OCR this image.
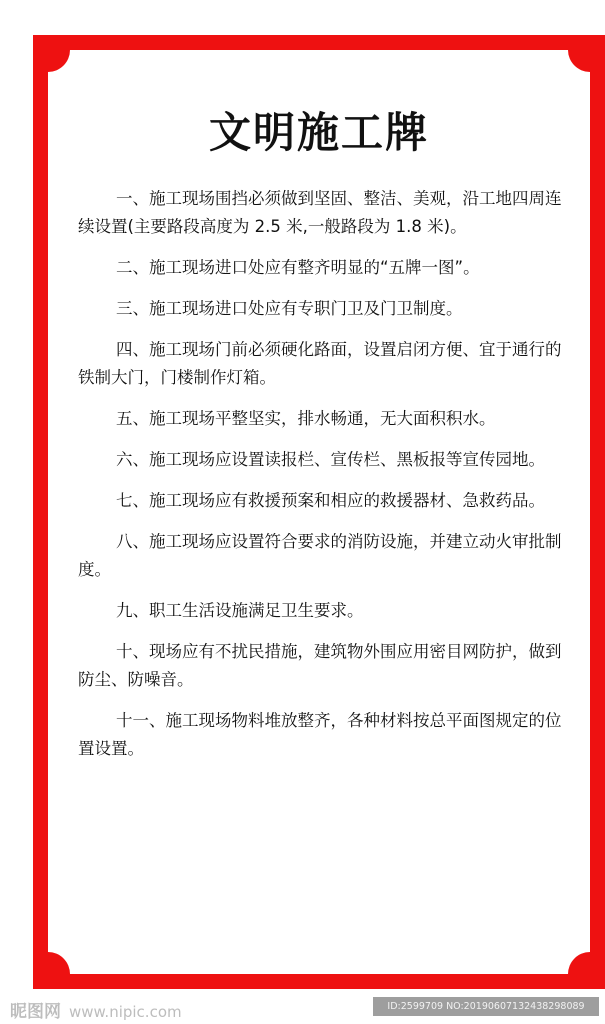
文明施工牌

一、施工现场围挡必须做到坚固、整洁、美观，沿工地四周连续设置(主要路段高度为 2.5 米,一般路段为 1.8 米)。

二、施工现场进口处应有整齐明显的“五牌一图”。

三、施工现场进口处应有专职门卫及门卫制度。

四、施工现场门前必须硬化路面，设置启闭方便、宜于通行的铁制大门，门楼制作灯箱。

五、施工现场平整坚实，排水畅通，无大面积积水。

六、施工现场应设置读报栏、宣传栏、黑板报等宣传园地。

七、施工现场应有救援预案和相应的救援器材、急救药品。

八、施工现场应设置符合要求的消防设施，并建立动火审批制度。

九、职工生活设施满足卫生要求。

十、现场应有不扰民措施，建筑物外围应用密目网防护，做到防尘、防噪音。

十一、施工现场物料堆放整齐，各种材料按总平面图规定的位置设置。

昵图网 www.nipic.com	ID:2599709 NO:20190607132438298089
